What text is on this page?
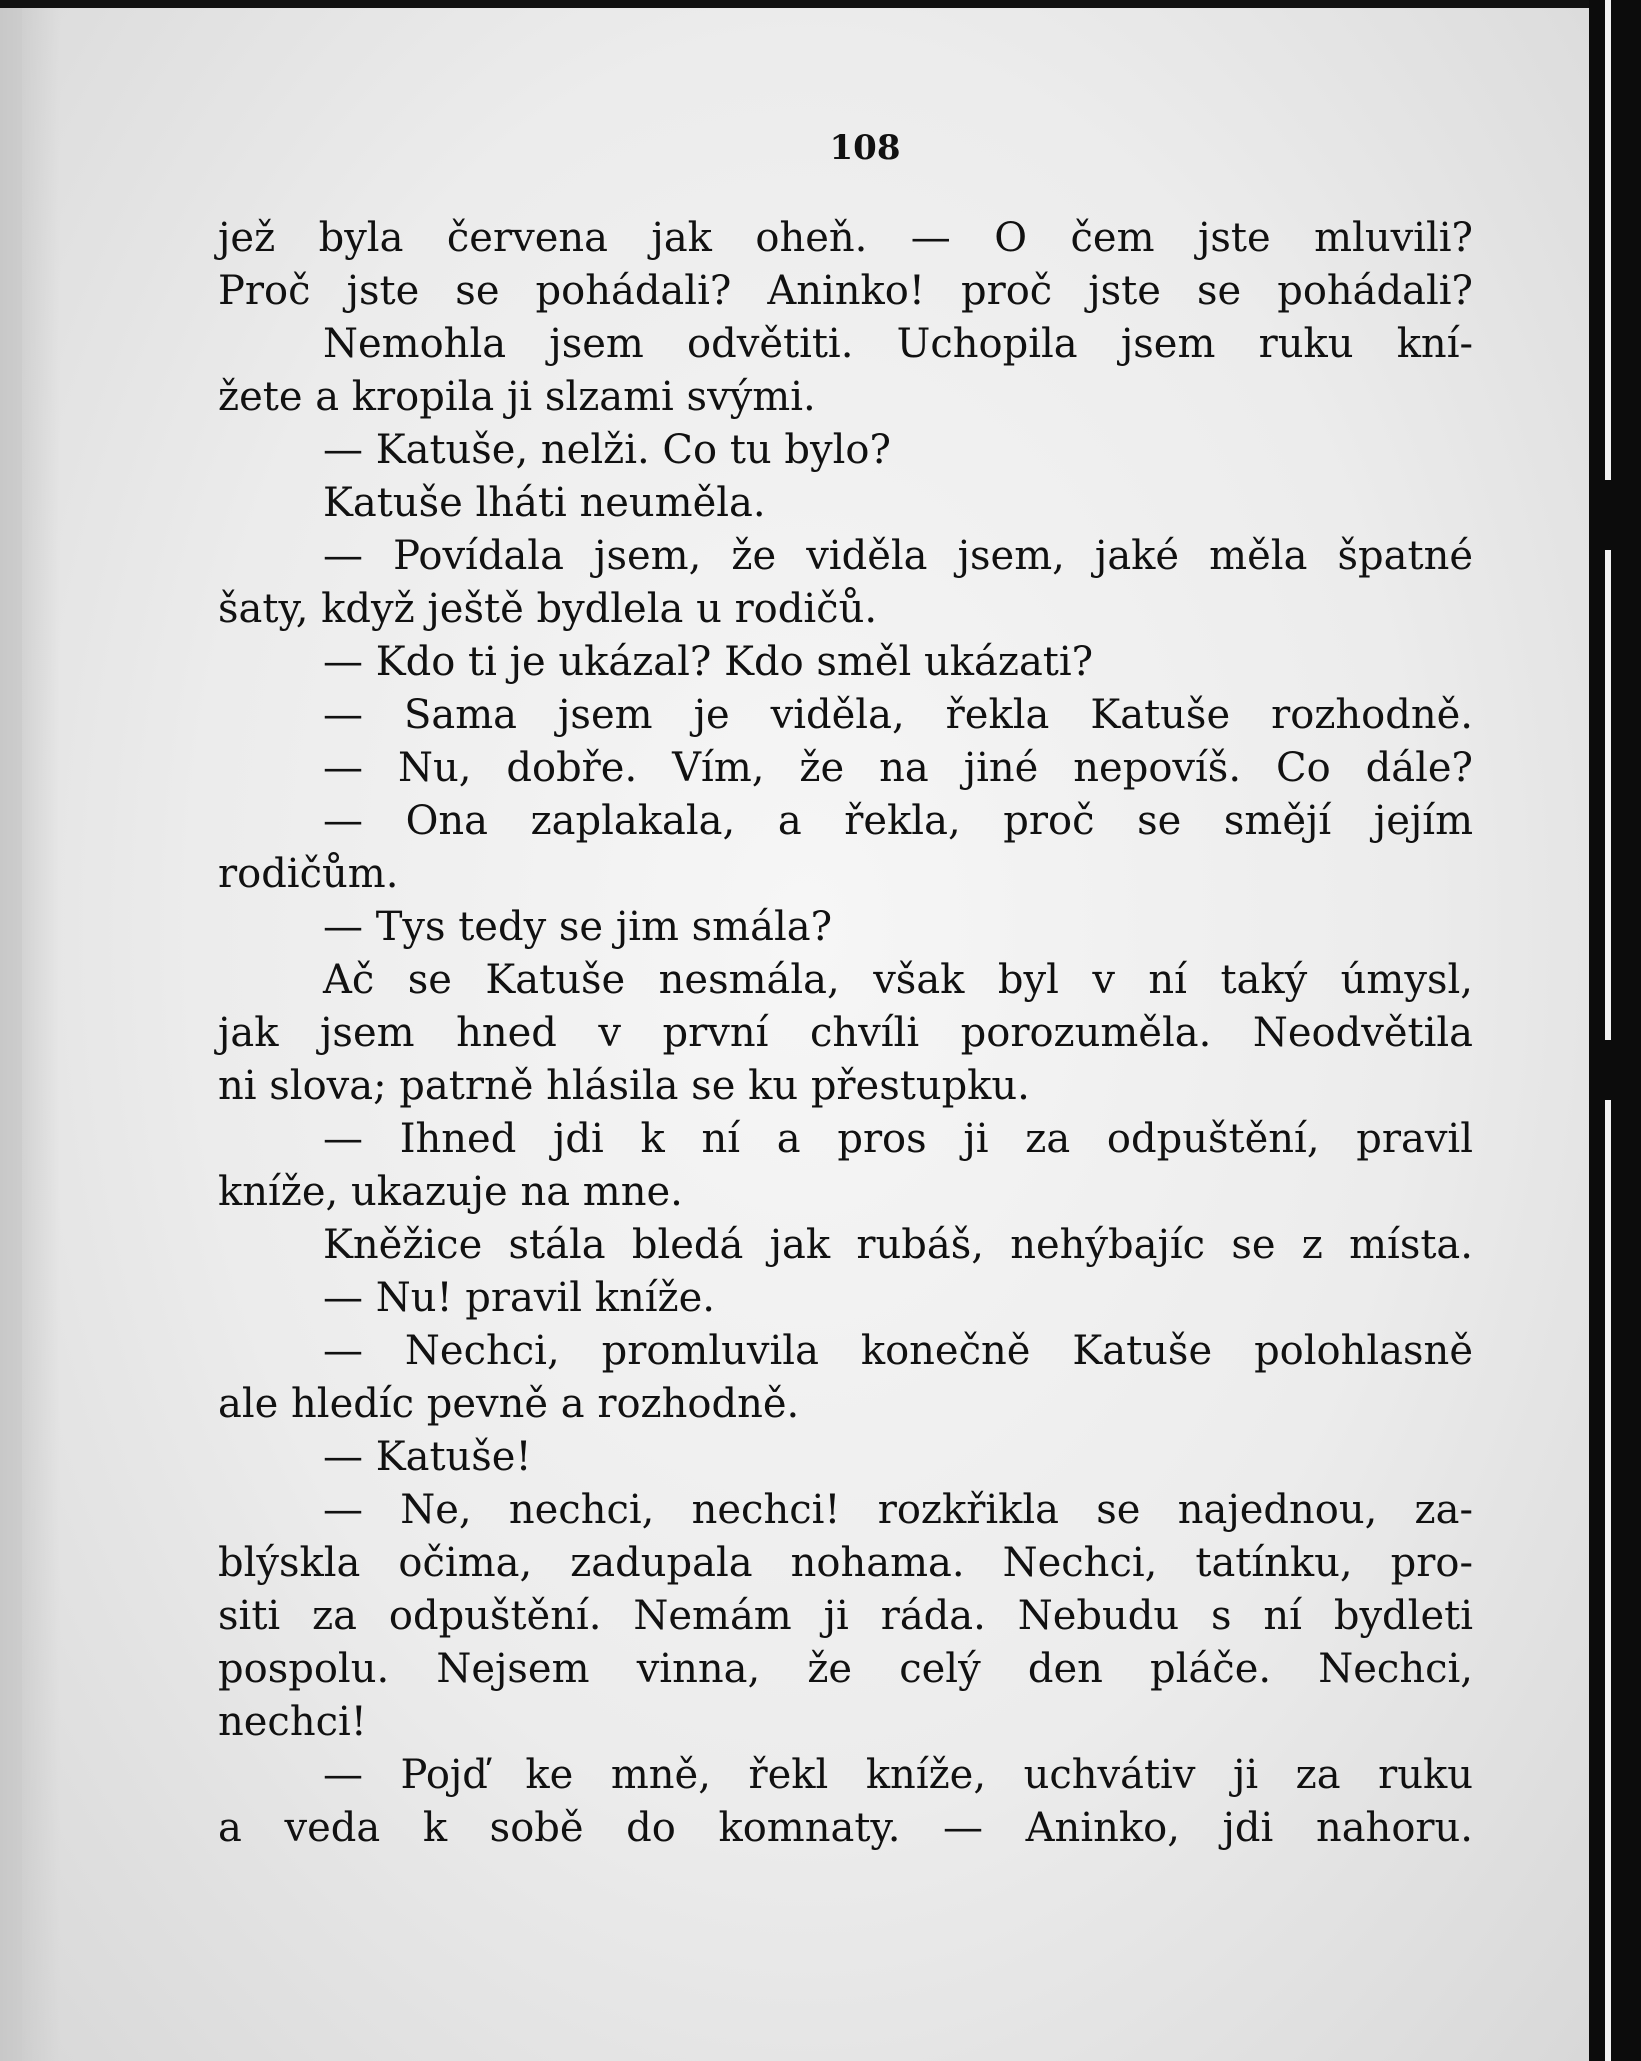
108
jež byla červena jak oheň. — O čem jste mluvili?
Proč jste se pohádali? Aninko! proč jste se pohádali?
Nemohla jsem odvětiti. Uchopila jsem ruku kní-
žete a kropila ji slzami svými.
— Katuše, nelži. Co tu bylo?
Katuše lháti neuměla.
— Povídala jsem, že viděla jsem, jaké měla špatné
šaty, když ještě bydlela u rodičů.
— Kdo ti je ukázal? Kdo směl ukázati?
— Sama jsem je viděla, řekla Katuše rozhodně.
— Nu, dobře. Vím, že na jiné nepovíš. Co dále?
— Ona zaplakala, a řekla, proč se smějí jejím
rodičům.
— Tys tedy se jim smála?
Ač se Katuše nesmála, však byl v ní taký úmysl,
jak jsem hned v první chvíli porozuměla. Neodvětila
ni slova; patrně hlásila se ku přestupku.
— Ihned jdi k ní a pros ji za odpuštění, pravil
kníže, ukazuje na mne.
Kněžice stála bledá jak rubáš, nehýbajíc se z místa.
— Nu! pravil kníže.
— Nechci, promluvila konečně Katuše polohlasně
ale hledíc pevně a rozhodně.
— Katuše!
— Ne, nechci, nechci! rozkřikla se najednou, za-
blýskla očima, zadupala nohama. Nechci, tatínku, pro-
siti za odpuštění. Nemám ji ráda. Nebudu s ní bydleti
pospolu. Nejsem vinna, že celý den pláče. Nechci,
nechci!
— Pojď ke mně, řekl kníže, uchvátiv ji za ruku
a veda k sobě do komnaty. — Aninko, jdi nahoru.
